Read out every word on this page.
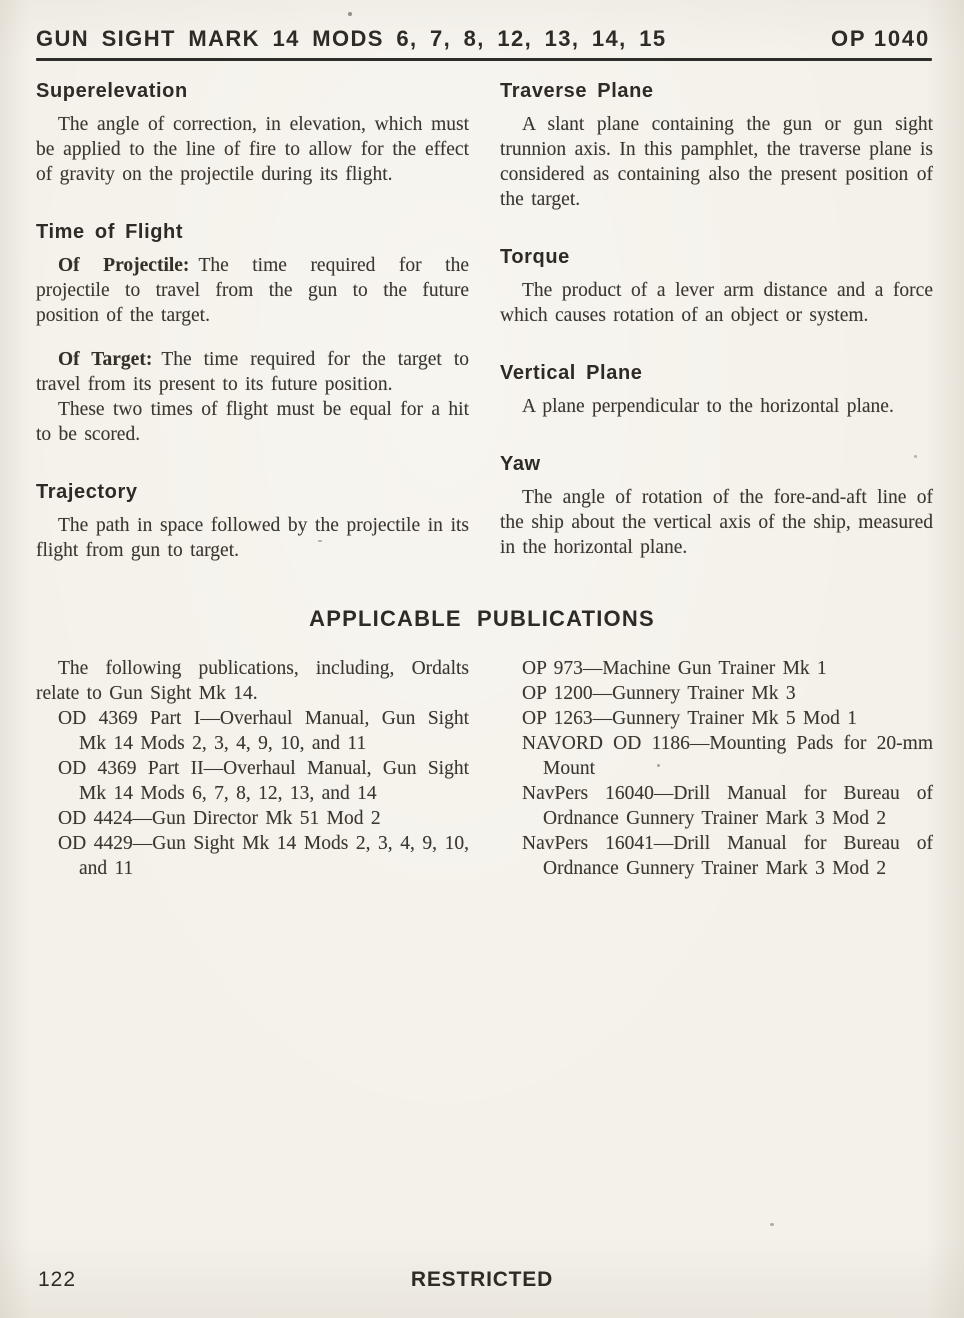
GUN SIGHT MARK 14 MODS 6, 7, 8, 12, 13, 14, 15	OP 1040
Superelevation

The angle of correction, in elevation, which must be applied to the line of fire to allow for the effect of gravity on the projectile during its flight.

Time of Flight

Of Projectile: The time required for the projectile to travel from the gun to the future position of the target.

Of Target: The time required for the target to travel from its present to its future position.

These two times of flight must be equal for a hit to be scored.

Trajectory

The path in space followed by the projectile in its flight from gun to target.

Traverse Plane

A slant plane containing the gun or gun sight trunnion axis. In this pamphlet, the traverse plane is considered as containing also the present position of the target.

Torque

The product of a lever arm distance and a force which causes rotation of an object or system.

Vertical Plane

A plane perpendicular to the horizontal plane.

Yaw

The angle of rotation of the fore-and-aft line of the ship about the vertical axis of the ship, measured in the horizontal plane.

APPLICABLE PUBLICATIONS

The following publications, including, Ordalts relate to Gun Sight Mk 14.

OD 4369 Part I—Overhaul Manual, Gun Sight Mk 14 Mods 2, 3, 4, 9, 10, and 11

OD 4369 Part II—Overhaul Manual, Gun Sight Mk 14 Mods 6, 7, 8, 12, 13, and 14

OD 4424—Gun Director Mk 51 Mod 2

OD 4429—Gun Sight Mk 14 Mods 2, 3, 4, 9, 10, and 11

OP 973—Machine Gun Trainer Mk 1

OP 1200—Gunnery Trainer Mk 3

OP 1263—Gunnery Trainer Mk 5 Mod 1

NAVORD OD 1186—Mounting Pads for 20-mm Mount

NavPers 16040—Drill Manual for Bureau of Ordnance Gunnery Trainer Mark 3 Mod 2

NavPers 16041—Drill Manual for Bureau of Ordnance Gunnery Trainer Mark 3 Mod 2

122	RESTRICTED
